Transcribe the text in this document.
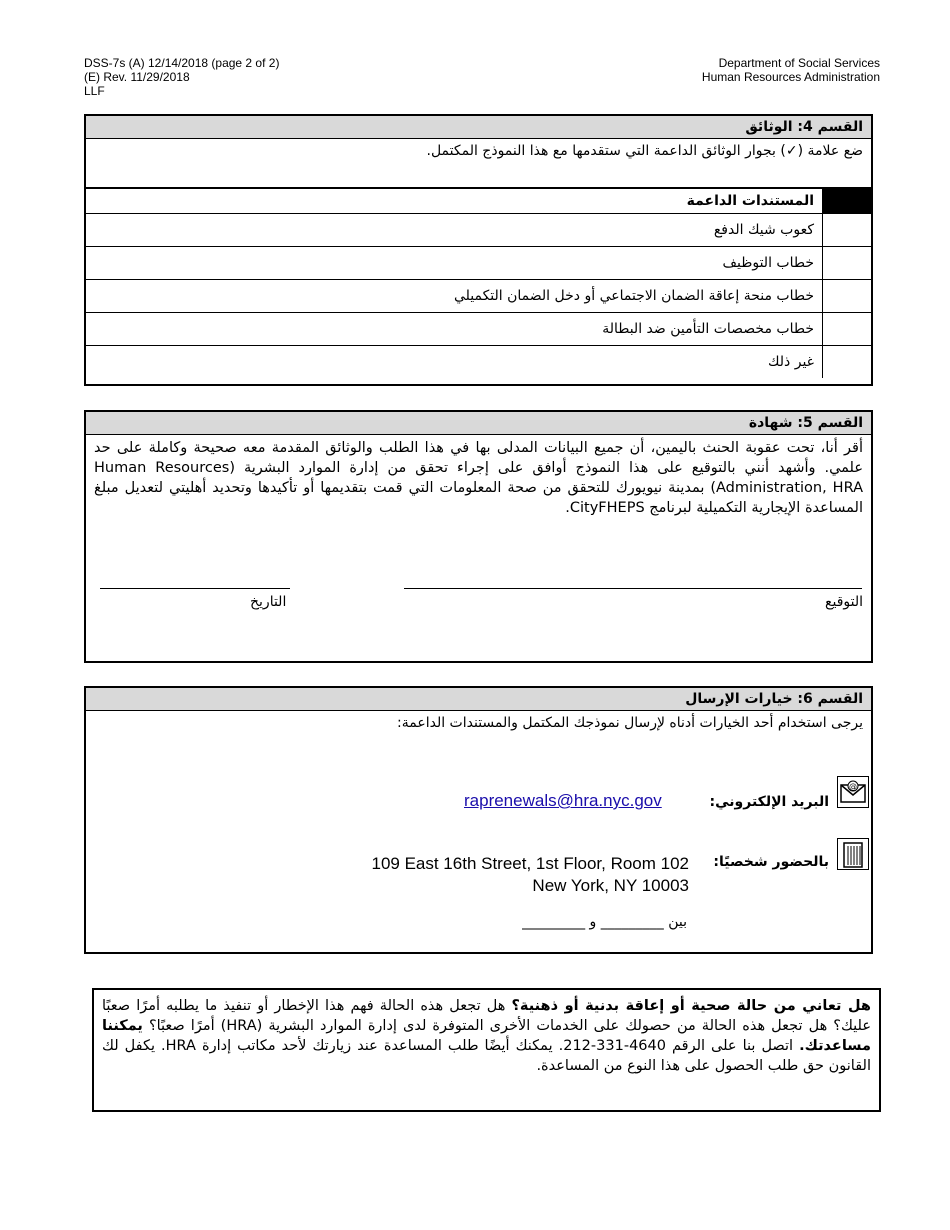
DSS-7s (A) 12/14/2018 (page 2 of 2)
(E) Rev. 11/29/2018
LLF
Department of Social Services
Human Resources Administration
القسم 4: الوثائق
ضع علامة (✓) بجوار الوثائق الداعمة التي ستقدمها مع هذا النموذج المكتمل.
المستندات الداعمة	
كعوب شيك الدفع	
خطاب التوظيف	
خطاب منحة إعاقة الضمان الاجتماعي أو دخل الضمان التكميلي	
خطاب مخصصات التأمين ضد البطالة	
غير ذلك	
القسم 5: شهادة
أقر أنا، تحت عقوبة الحنث باليمين، أن جميع البيانات المدلى بها في هذا الطلب والوثائق المقدمة معه صحيحة وكاملة على حد علمي. وأشهد أنني بالتوقيع على هذا النموذج أوافق على إجراء تحقق من إدارة الموارد البشرية (Human Resources Administration, HRA) بمدينة نيويورك للتحقق من صحة المعلومات التي قمت بتقديمها أو تأكيدها وتحديد أهليتي لتعديل مبلغ المساعدة الإيجارية التكميلية لبرنامج CityFHEPS.
التوقيع
التاريخ
القسم 6: خيارات الإرسال
يرجى استخدام أحد الخيارات أدناه لإرسال نموذجك المكتمل والمستندات الداعمة:
@
البريد الإلكتروني:
raprenewals@hra.nyc.gov
بالحضور شخصيًا:
109 East 16th Street, 1st Floor, Room 102
New York, NY 10003
بين _________ و _________
هل تعاني من حالة صحية أو إعاقة بدنية أو ذهنية؟ هل تجعل هذه الحالة فهم هذا الإخطار أو تنفيذ ما يطلبه أمرًا صعبًا عليك؟ هل تجعل هذه الحالة من حصولك على الخدمات الأخرى المتوفرة لدى إدارة الموارد البشرية (HRA) أمرًا صعبًا؟ يمكننا مساعدتك. اتصل بنا على الرقم 4640-331-212. يمكنك أيضًا طلب المساعدة عند زيارتك لأحد مكاتب إدارة HRA. يكفل لك القانون حق طلب الحصول على هذا النوع من المساعدة.
